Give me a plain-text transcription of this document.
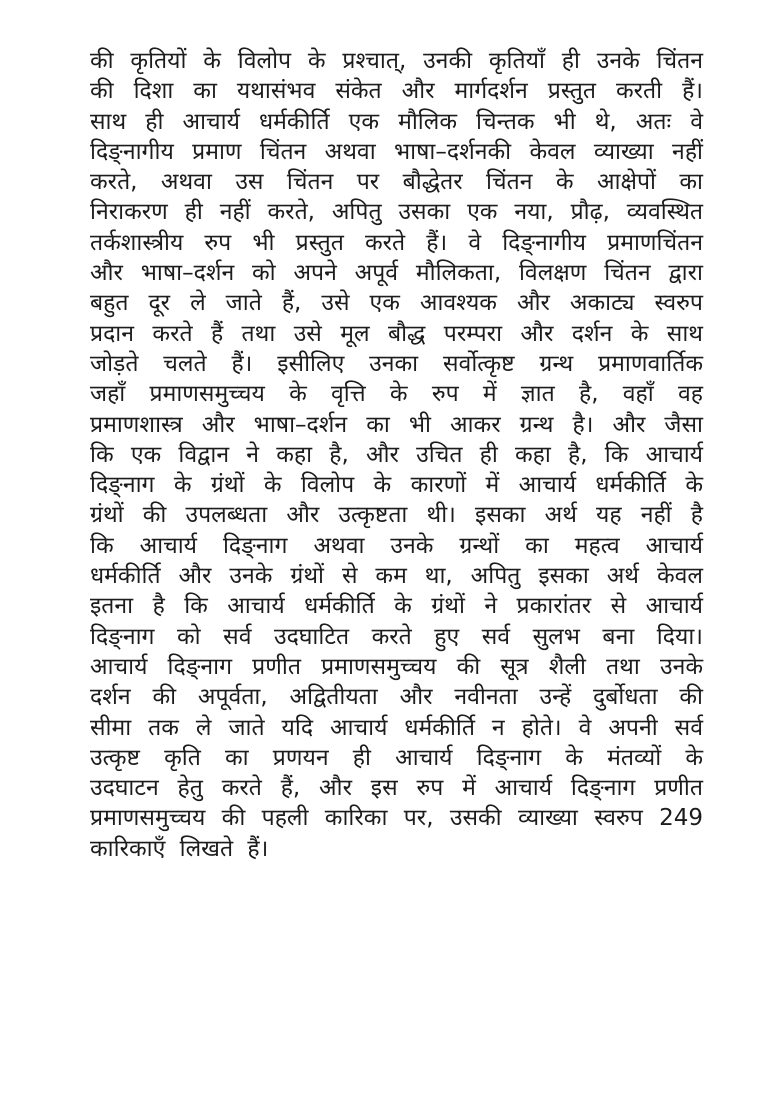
की कृतियों के विलोप के प्रश्चात्, उनकी कृतियाँ ही उनके चिंतन
की दिशा का यथासंभव संकेत और मार्गदर्शन प्रस्तुत करती हैं।
साथ ही आचार्य धर्मकीर्ति एक मौलिक चिन्तक भी थे, अतः वे
दिङ्नागीय प्रमाण चिंतन अथवा भाषा–दर्शनकी केवल व्याख्या नहीं
करते, अथवा उस चिंतन पर बौद्धेतर चिंतन के आक्षेपों का
निराकरण ही नहीं करते, अपितु उसका एक नया, प्रौढ़, व्यवस्थित
तर्कशास्त्रीय रुप भी प्रस्तुत करते हैं। वे दिङ्नागीय प्रमाणचिंतन
और भाषा–दर्शन को अपने अपूर्व मौलिकता, विलक्षण चिंतन द्वारा
बहुत दूर ले जाते हैं, उसे एक आवश्यक और अकाट्य स्वरुप
प्रदान करते हैं तथा उसे मूल बौद्ध परम्परा और दर्शन के साथ
जोड़ते चलते हैं। इसीलिए उनका सर्वोत्कृष्ट ग्रन्थ प्रमाणवार्तिक
जहाँ प्रमाणसमुच्चय के वृत्ति के रुप में ज्ञात है, वहाँ वह
प्रमाणशास्त्र और भाषा–दर्शन का भी आकर ग्रन्थ है। और जैसा
कि एक विद्वान ने कहा है, और उचित ही कहा है, कि आचार्य
दिङ्नाग के ग्रंथों के विलोप के कारणों में आचार्य धर्मकीर्ति के
ग्रंथों की उपलब्धता और उत्कृष्टता थी। इसका अर्थ यह नहीं है
कि आचार्य दिङ्नाग अथवा उनके ग्रन्थों का महत्व आचार्य
धर्मकीर्ति और उनके ग्रंथों से कम था, अपितु इसका अर्थ केवल
इतना है कि आचार्य धर्मकीर्ति के ग्रंथों ने प्रकारांतर से आचार्य
दिङ्नाग को सर्व उदघाटित करते हुए सर्व सुलभ बना दिया।
आचार्य दिङ्नाग प्रणीत प्रमाणसमुच्चय की सूत्र शैली तथा उनके
दर्शन की अपूर्वता, अद्वितीयता और नवीनता उन्हें दुर्बोधता की
सीमा तक ले जाते यदि आचार्य धर्मकीर्ति न होते। वे अपनी सर्व
उत्कृष्ट कृति का प्रणयन ही आचार्य दिङ्नाग के मंतव्यों के
उदघाटन हेतु करते हैं, और इस रुप में आचार्य दिङ्नाग प्रणीत
प्रमाणसमुच्चय की पहली कारिका पर, उसकी व्याख्या स्वरुप 249
कारिकाएँ लिखते हैं।
